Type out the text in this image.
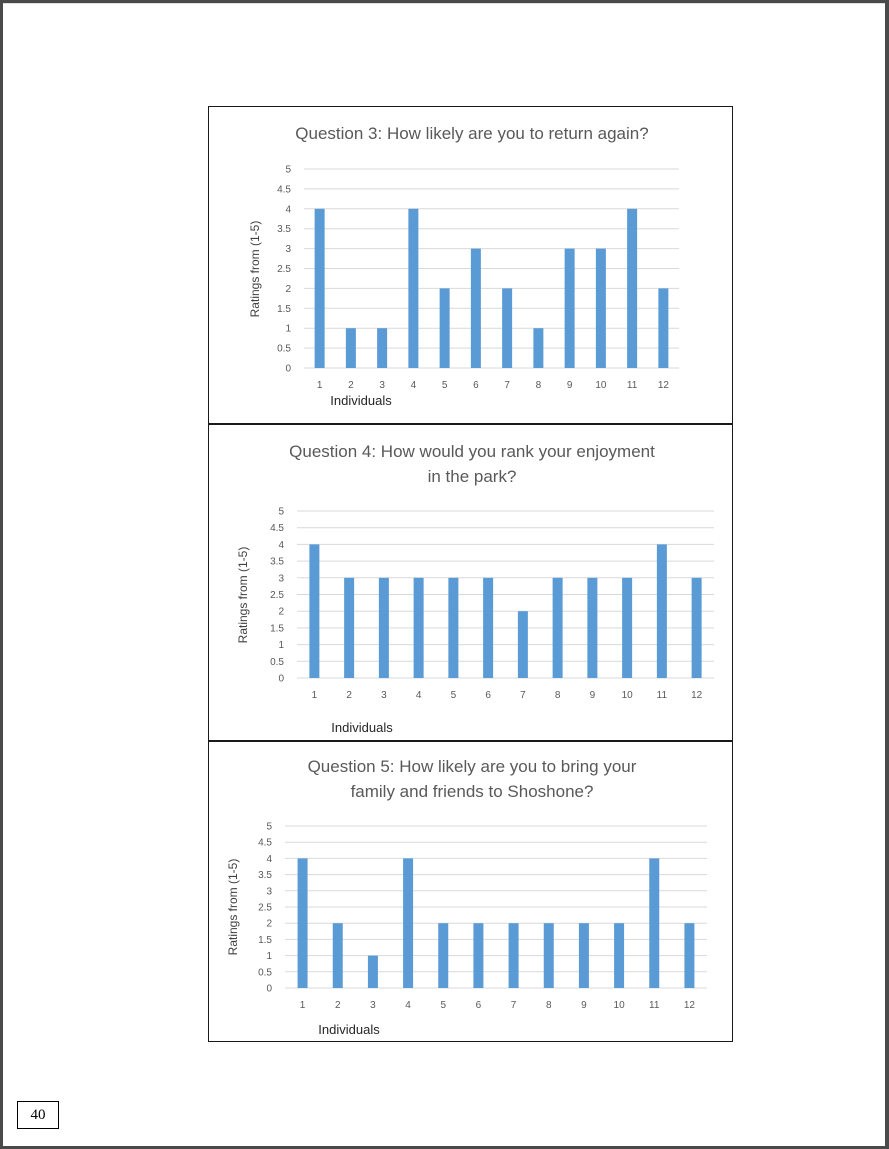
Question 3: How likely are you to return again?
0
0.5
1
1.5
2
2.5
3
3.5
4
4.5
5
1	2	3	4	5	6	7	8	9 10 11 12
Ratings from (1-5)
Individuals
Question 4: How would you rank your enjoyment
in the park?
0
0.5
1
1.5
2
2.5
3
3.5
4
4.5
5
1	2	3	4	5	6	7	8	9	10 11 12
Ratings from (1-5)
Individuals
Question 5: How likely are you to bring your
family and friends to Shoshone?
0
0.5
1
1.5
2
2.5
3
3.5
4
4.5
5
1	2	3	4	5	6	7	8	9	10 11 12
Ratings from (1-5)
Individuals
40
